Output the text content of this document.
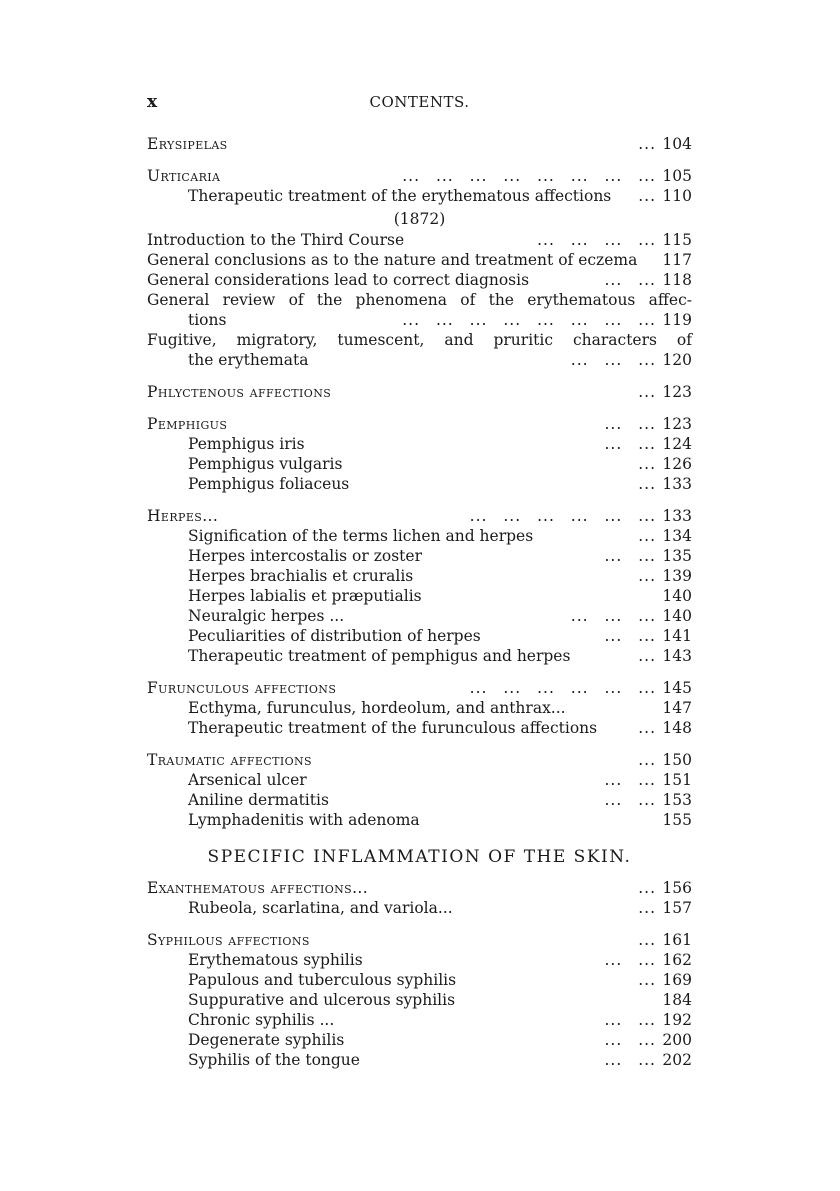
x	CONTENTS.
Erysipelas	... 104
Urticaria	... ... ... ... ... ... ... ... 105
Therapeutic treatment of the erythematous affections ... 110
(1872)
Introduction to the Third Course	... ... ... ... 115
General conclusions as to the nature and treatment of eczema 117
General considerations lead to correct diagnosis	... ... 118
General review of the phenomena of the erythematous affec-
tions	... ... ... ... ... ... ... ... 119
Fugitive, migratory, tumescent, and pruritic characters of
the erythemata	... ... ... 120
Phlyctenous affections	... 123
Pemphigus	... ... 123
Pemphigus iris	... ... 124
Pemphigus vulgaris	... 126
Pemphigus foliaceus	... 133
Herpes...	... ... ... ... ... ... 133
Signification of the terms lichen and herpes	... 134
Herpes intercostalis or zoster	... ... 135
Herpes brachialis et cruralis	... 139
Herpes labialis et præputialis	140
Neuralgic herpes ...	... ... ... 140
Peculiarities of distribution of herpes	... ... 141
Therapeutic treatment of pemphigus and herpes	... 143
Furunculous affections	... ... ... ... ... ... 145
Ecthyma, furunculus, hordeolum, and anthrax...	147
Therapeutic treatment of the furunculous affections	... 148
Traumatic affections	... 150
Arsenical ulcer	... ... 151
Aniline dermatitis	... ... 153
Lymphadenitis with adenoma	155
SPECIFIC INFLAMMATION OF THE SKIN.
Exanthematous affections...	... 156
Rubeola, scarlatina, and variola...	... 157
Syphilous affections	... 161
Erythematous syphilis	... ... 162
Papulous and tuberculous syphilis	... 169
Suppurative and ulcerous syphilis	184
Chronic syphilis ...	... ... 192
Degenerate syphilis	... ... 200
Syphilis of the tongue	... ... 202
